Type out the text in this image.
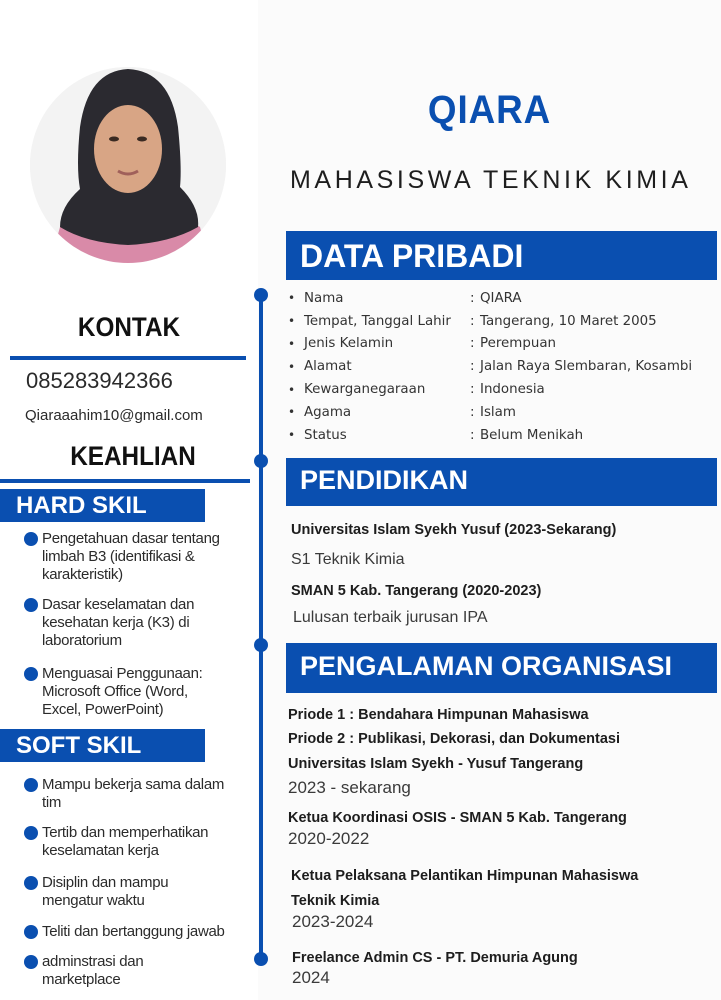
KONTAK
085283942366
Qiaraaahim10@gmail.com
KEAHLIAN
HARD SKIL
Pengetahuan dasar tentang
limbah B3 (identifikasi &
karakteristik)
Dasar keselamatan dan
kesehatan kerja (K3) di
laboratorium
Menguasai Penggunaan:
Microsoft Office (Word,
Excel, PowerPoint)
SOFT SKIL
Mampu bekerja sama dalam
tim
Tertib dan memperhatikan
keselamatan kerja
Disiplin dan mampu
mengatur waktu
Teliti dan bertanggung jawab
adminstrasi dan
marketplace
QIARA
MAHASISWA TEKNIK KIMIA
DATA PRIBADI
• Nama	: QIARA
• Tempat, Tanggal Lahir	: Tangerang, 10 Maret 2005
• Jenis Kelamin	: Perempuan
• Alamat	: Jalan Raya Slembaran, Kosambi
• Kewarganegaraan	: Indonesia
• Agama	: Islam
• Status	: Belum Menikah
PENDIDIKAN
Universitas Islam Syekh Yusuf (2023-Sekarang)
S1 Teknik Kimia
SMAN 5 Kab. Tangerang (2020-2023)
Lulusan terbaik jurusan IPA
PENGALAMAN ORGANISASI
Priode 1 : Bendahara Himpunan Mahasiswa
Priode 2 : Publikasi, Dekorasi, dan Dokumentasi
Universitas Islam Syekh - Yusuf Tangerang
2023 - sekarang
Ketua Koordinasi OSIS - SMAN 5 Kab. Tangerang
2020-2022
Ketua Pelaksana Pelantikan Himpunan Mahasiswa
Teknik Kimia
2023-2024
Freelance Admin CS - PT. Demuria Agung
2024
